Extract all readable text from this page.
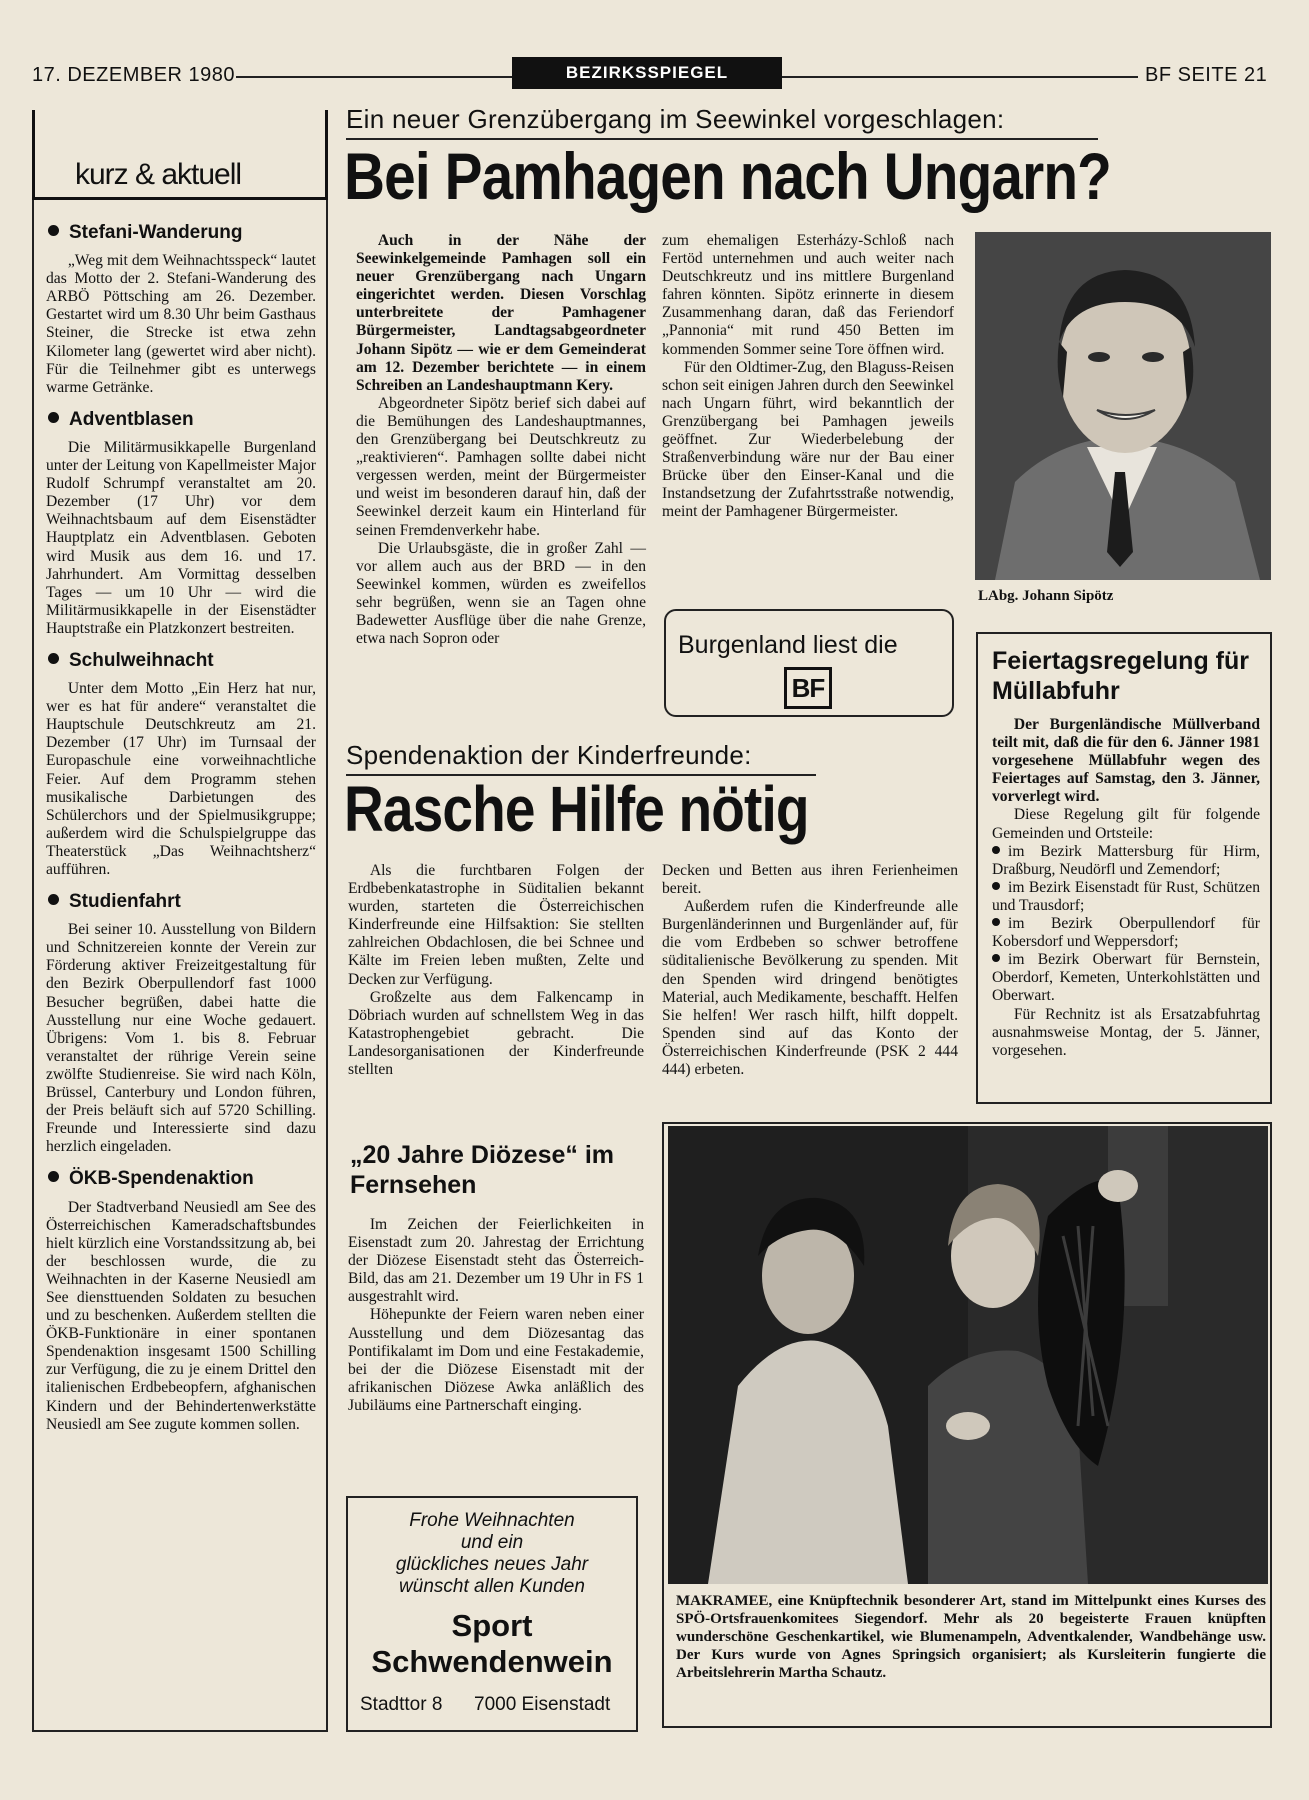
17. DEZEMBER 1980	BEZIRKSSPIEGEL	BF SEITE 21
kurz & aktuell
Stefani-Wanderung

„Weg mit dem Weihnachtsspeck“ lautet das Motto der 2. Stefani-Wanderung des ARBÖ Pöttsching am 26. Dezember. Gestartet wird um 8.30 Uhr beim Gasthaus Steiner, die Strecke ist etwa zehn Kilometer lang (gewertet wird aber nicht). Für die Teilnehmer gibt es unterwegs warme Getränke.

Adventblasen

Die Militärmusikkapelle Burgenland unter der Leitung von Kapellmeister Major Rudolf Schrumpf veranstaltet am 20. Dezember (17 Uhr) vor dem Weihnachtsbaum auf dem Eisenstädter Hauptplatz ein Adventblasen. Geboten wird Musik aus dem 16. und 17. Jahrhundert. Am Vormittag desselben Tages — um 10 Uhr — wird die Militärmusikkapelle in der Eisenstädter Hauptstraße ein Platzkonzert bestreiten.

Schulweihnacht

Unter dem Motto „Ein Herz hat nur, wer es hat für andere“ veranstaltet die Hauptschule Deutschkreutz am 21. Dezember (17 Uhr) im Turnsaal der Europaschule eine vorweihnachtliche Feier. Auf dem Programm stehen musikalische Darbietungen des Schülerchors und der Spielmusikgruppe; außerdem wird die Schulspielgruppe das Theaterstück „Das Weihnachtsherz“ aufführen.

Studienfahrt

Bei seiner 10. Ausstellung von Bildern und Schnitzereien konnte der Verein zur Förderung aktiver Freizeitgestaltung für den Bezirk Oberpullendorf fast 1000 Besucher begrüßen, dabei hatte die Ausstellung nur eine Woche gedauert. Übrigens: Vom 1. bis 8. Februar veranstaltet der rührige Verein seine zwölfte Studienreise. Sie wird nach Köln, Brüssel, Canterbury und London führen, der Preis beläuft sich auf 5720 Schilling. Freunde und Interessierte sind dazu herzlich eingeladen.

ÖKB-Spendenaktion

Der Stadtverband Neusiedl am See des Österreichischen Kameradschaftsbundes hielt kürzlich eine Vorstandssitzung ab, bei der beschlossen wurde, die zu Weihnachten in der Kaserne Neusiedl am See diensttuenden Soldaten zu besuchen und zu beschenken. Außerdem stellten die ÖKB-Funktionäre in einer spontanen Spendenaktion insgesamt 1500 Schilling zur Verfügung, die zu je einem Drittel den italienischen Erdbebeopfern, afghanischen Kindern und der Behindertenwerkstätte Neusiedl am See zugute kommen sollen.

Ein neuer Grenzübergang im Seewinkel vorgeschlagen:
Bei Pamhagen nach Ungarn?

Auch in der Nähe der Seewinkelgemeinde Pamhagen soll ein neuer Grenzübergang nach Ungarn eingerichtet werden. Diesen Vorschlag unterbreitete der Pamhagener Bürgermeister, Landtagsabgeordneter Johann Sipötz — wie er dem Gemeinderat am 12. Dezember berichtete — in einem Schreiben an Landeshauptmann Kery.

Abgeordneter Sipötz berief sich dabei auf die Bemühungen des Landeshauptmannes, den Grenzübergang bei Deutschkreutz zu „reaktivieren“. Pamhagen sollte dabei nicht vergessen werden, meint der Bürgermeister und weist im besonderen darauf hin, daß der Seewinkel derzeit kaum ein Hinterland für seinen Fremdenverkehr habe.

Die Urlaubsgäste, die in großer Zahl — vor allem auch aus der BRD — in den Seewinkel kommen, würden es zweifellos sehr begrüßen, wenn sie an Tagen ohne Badewetter Ausflüge über die nahe Grenze, etwa nach Sopron oder

zum ehemaligen Esterházy-Schloß nach Fertöd unternehmen und auch weiter nach Deutschkreutz und ins mittlere Burgenland fahren könnten. Sipötz erinnerte in diesem Zusammenhang daran, daß das Feriendorf „Pannonia“ mit rund 450 Betten im kommenden Sommer seine Tore öffnen wird.

Für den Oldtimer-Zug, den Blaguss-Reisen schon seit einigen Jahren durch den Seewinkel nach Ungarn führt, wird bekanntlich der Grenzübergang bei Pamhagen jeweils geöffnet. Zur Wiederbelebung der Straßenverbindung wäre nur der Bau einer Brücke über den Einser-Kanal und die Instandsetzung der Zufahrtsstraße notwendig, meint der Pamhagener Bürgermeister.

LAbg. Johann Sipötz
Burgenland liest die
BF
Feiertagsregelung für Müllabfuhr

Der Burgenländische Müllverband teilt mit, daß die für den 6. Jänner 1981 vorgesehene Müllabfuhr wegen des Feiertages auf Samstag, den 3. Jänner, vorverlegt wird.

Diese Regelung gilt für folgende Gemeinden und Ortsteile:

im Bezirk Mattersburg für Hirm, Draßburg, Neudörfl und Zemendorf;
im Bezirk Eisenstadt für Rust, Schützen und Trausdorf;
im Bezirk Oberpullendorf für Kobersdorf und Weppersdorf;
im Bezirk Oberwart für Bernstein, Oberdorf, Kemeten, Unterkohlstätten und Oberwart.

Für Rechnitz ist als Ersatzabfuhrtag ausnahmsweise Montag, der 5. Jänner, vorgesehen.

Spendenaktion der Kinderfreunde:
Rasche Hilfe nötig

Als die furchtbaren Folgen der Erdbebenkatastrophe in Süditalien bekannt wurden, starteten die Österreichischen Kinderfreunde eine Hilfsaktion: Sie stellten zahlreichen Obdachlosen, die bei Schnee und Kälte im Freien leben mußten, Zelte und Decken zur Verfügung.

Großzelte aus dem Falkencamp in Döbriach wurden auf schnellstem Weg in das Katastrophengebiet gebracht. Die Landesorganisationen der Kinderfreunde stellten

Decken und Betten aus ihren Ferienheimen bereit.

Außerdem rufen die Kinderfreunde alle Burgenländerinnen und Burgenländer auf, für die vom Erdbeben so schwer betroffene süditalienische Bevölkerung zu spenden. Mit den Spenden wird dringend benötigtes Material, auch Medikamente, beschafft. Helfen Sie helfen! Wer rasch hilft, hilft doppelt. Spenden sind auf das Konto der Österreichischen Kinderfreunde (PSK 2 444 444) erbeten.

„20 Jahre Diözese“ im Fernsehen

Im Zeichen der Feierlichkeiten in Eisenstadt zum 20. Jahrestag der Errichtung der Diözese Eisenstadt steht das Österreich-Bild, das am 21. Dezember um 19 Uhr in FS 1 ausgestrahlt wird.

Höhepunkte der Feiern waren neben einer Ausstellung und dem Diözesantag das Pontifikalamt im Dom und eine Festakademie, bei der die Diözese Eisenstadt mit der afrikanischen Diözese Awka anläßlich des Jubiläums eine Partnerschaft einging.

Frohe Weihnachten
und ein
glückliches neues Jahr
wünscht allen Kunden
Sport
Schwendenwein
Stadttor 8 7000 Eisenstadt
MAKRAMEE, eine Knüpftechnik besonderer Art, stand im Mittelpunkt eines Kurses des SPÖ-Ortsfrauenkomitees Siegendorf. Mehr als 20 begeisterte Frauen knüpften wunderschöne Geschenkartikel, wie Blumenampeln, Adventkalender, Wandbehänge usw. Der Kurs wurde von Agnes Springsich organisiert; als Kursleiterin fungierte die Arbeitslehrerin Martha Schautz.
